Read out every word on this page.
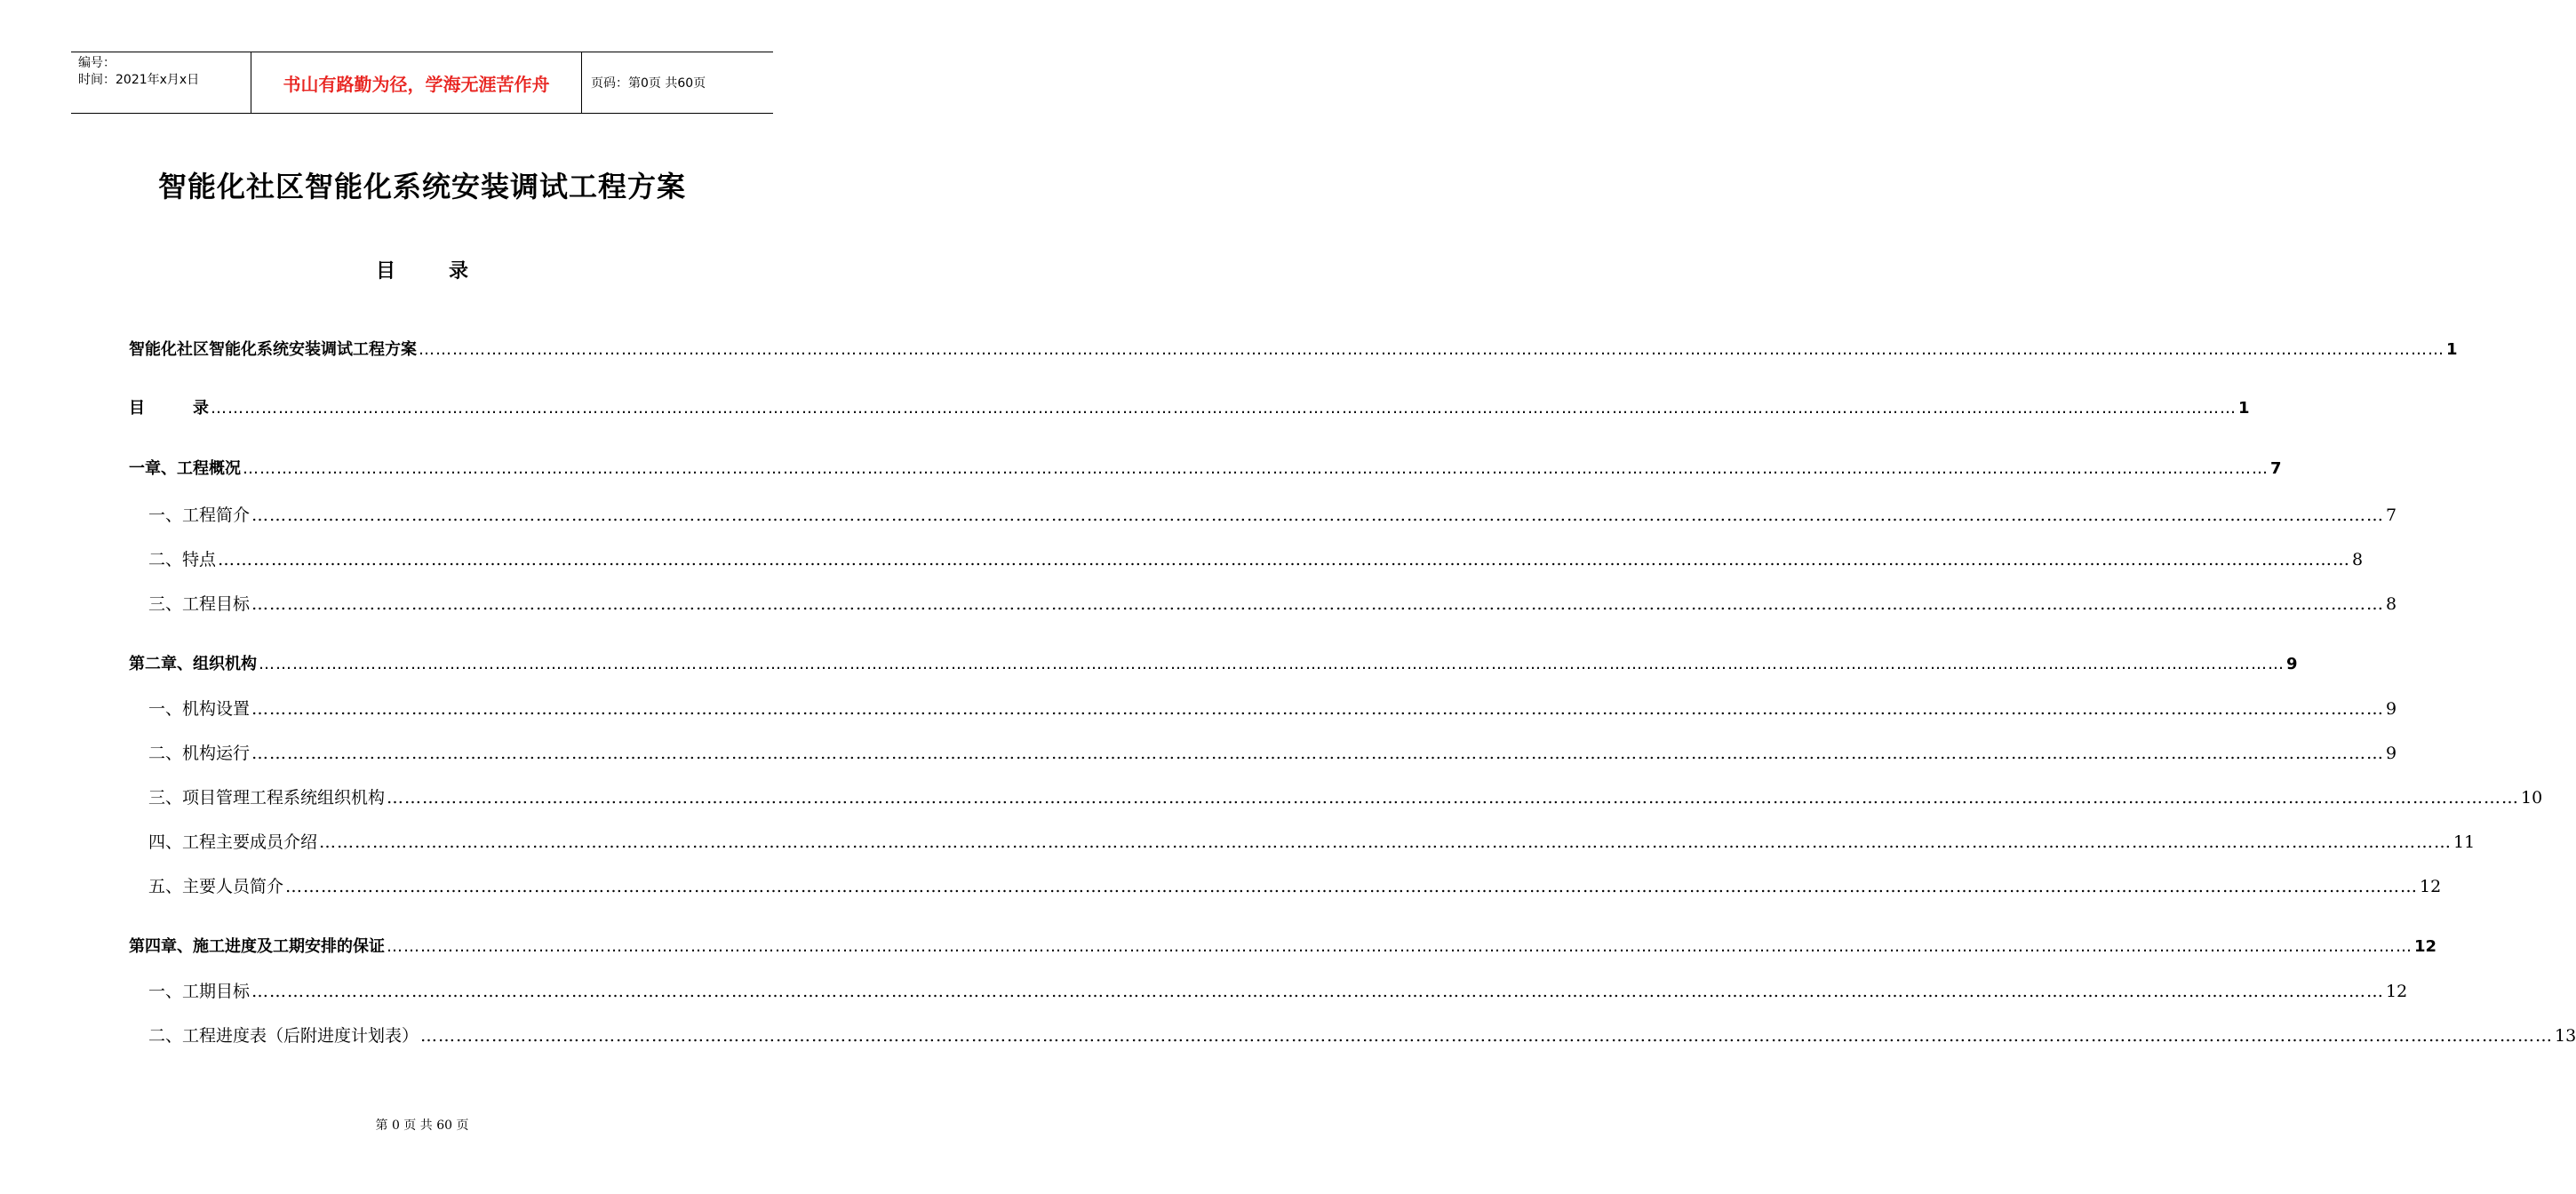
编号：
时间：2021年x月x日	书山有路勤为径，学海无涯苦作舟	页码：第0页 共60页
智能化社区智能化系统安装调试工程方案
目	录
智能化社区智能化系统安装调试工程方案 ……………………………………………………………………………………………………………………………………………………………………………………………………………………………………………………………………………………………………………………………… 1
目　　　录 ……………………………………………………………………………………………………………………………………………………………………………………………………………………………………………………………………………………………………………………………… 1
一章、工程概况 ……………………………………………………………………………………………………………………………………………………………………………………………………………………………………………………………………………………………………………………………… 7
一、工程简介 ……………………………………………………………………………………………………………………………………………………………………………………………………………………………………………………………………………………………………………………………… 7
二、特点 ……………………………………………………………………………………………………………………………………………………………………………………………………………………………………………………………………………………………………………………………… 8
三、工程目标 ……………………………………………………………………………………………………………………………………………………………………………………………………………………………………………………………………………………………………………………………… 8
第二章、组织机构 ……………………………………………………………………………………………………………………………………………………………………………………………………………………………………………………………………………………………………………………………… 9
一、机构设置 ……………………………………………………………………………………………………………………………………………………………………………………………………………………………………………………………………………………………………………………………… 9
二、机构运行 ……………………………………………………………………………………………………………………………………………………………………………………………………………………………………………………………………………………………………………………………… 9
三、项目管理工程系统组织机构 ……………………………………………………………………………………………………………………………………………………………………………………………………………………………………………………………………………………………………………………………… 10
四、工程主要成员介绍 ……………………………………………………………………………………………………………………………………………………………………………………………………………………………………………………………………………………………………………………………… 11
五、主要人员简介 ……………………………………………………………………………………………………………………………………………………………………………………………………………………………………………………………………………………………………………………………… 12
第四章、施工进度及工期安排的保证 ……………………………………………………………………………………………………………………………………………………………………………………………………………………………………………………………………………………………………………………………… 12
一、工期目标 ……………………………………………………………………………………………………………………………………………………………………………………………………………………………………………………………………………………………………………………………… 12
二、工程进度表（后附进度计划表） ……………………………………………………………………………………………………………………………………………………………………………………………………………………………………………………………………………………………………………………………… 13
第 0 页 共 60 页
